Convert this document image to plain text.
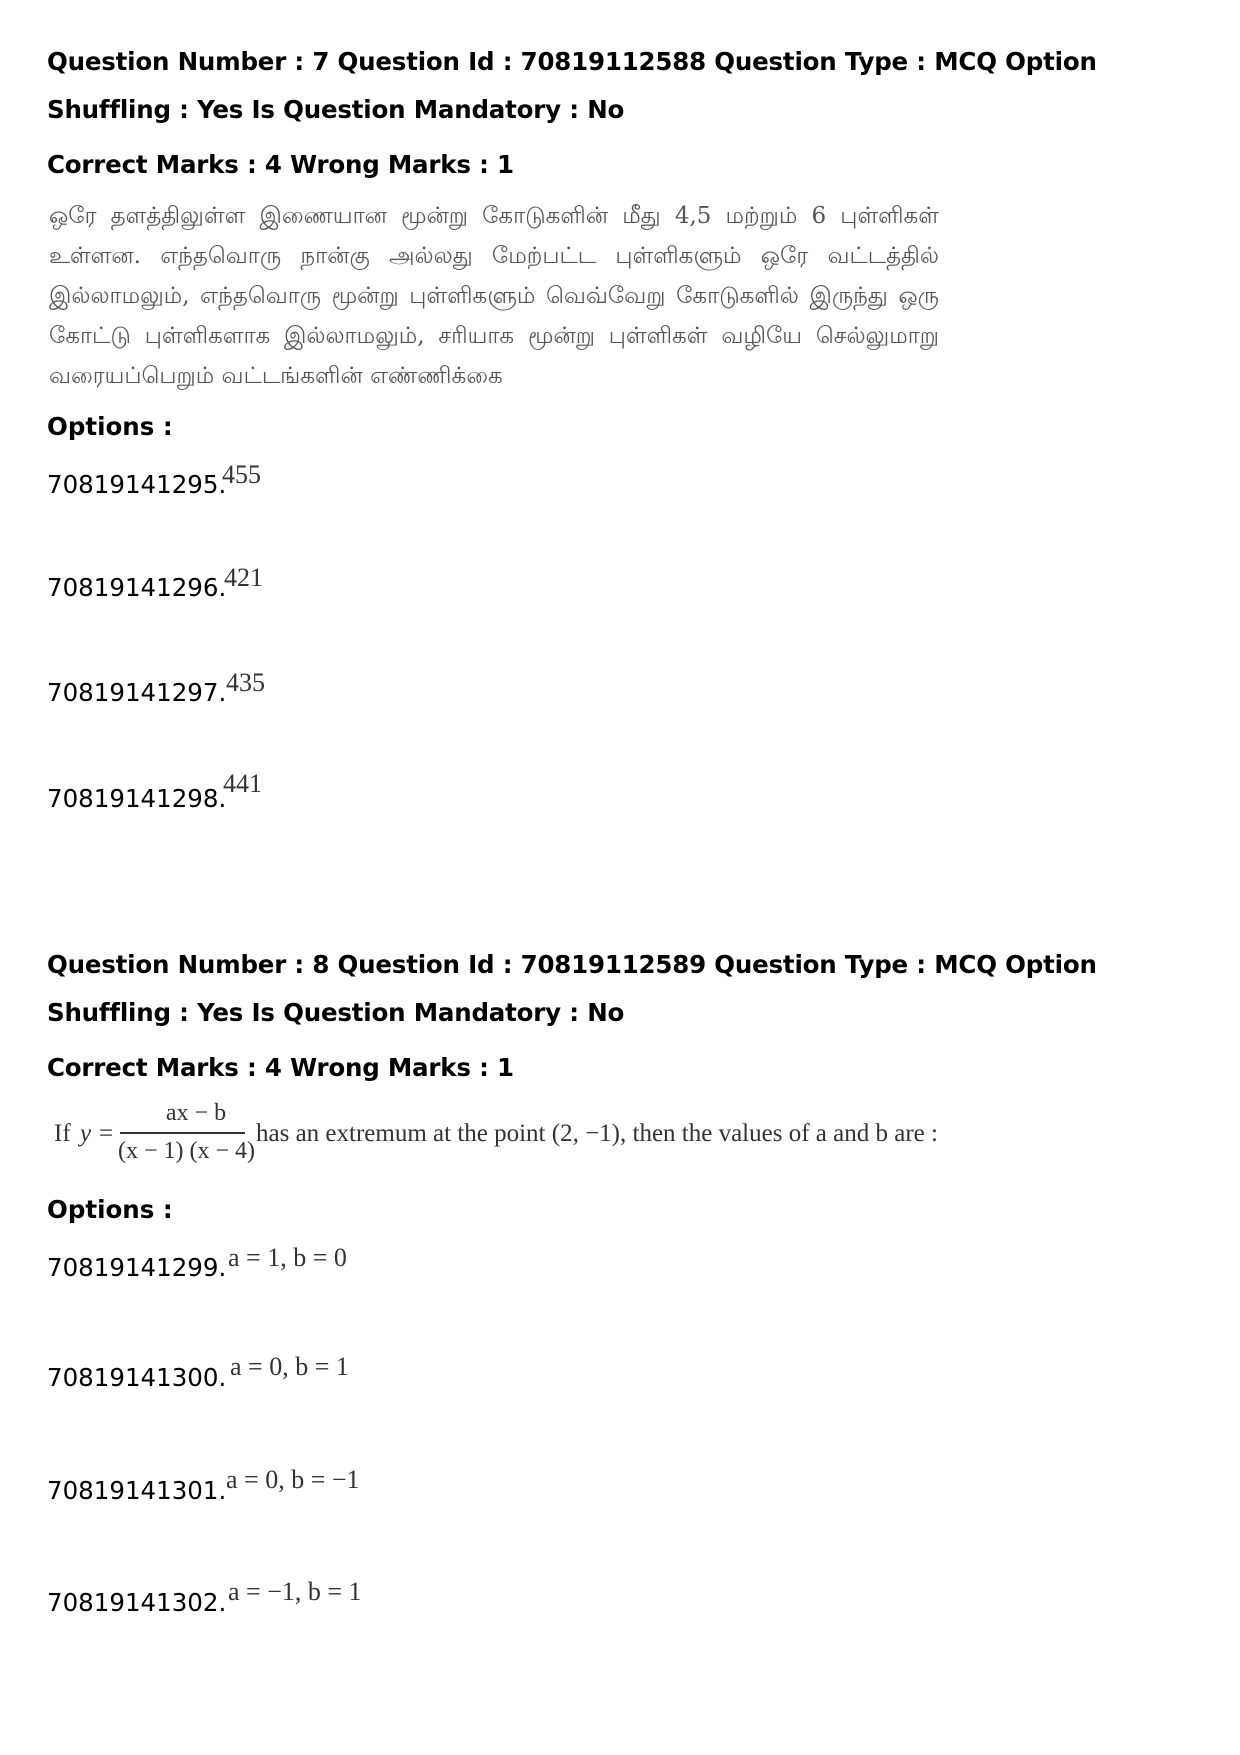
Question Number : 7 Question Id : 70819112588 Question Type : MCQ Option Shuffling : Yes Is Question Mandatory : No
Correct Marks : 4 Wrong Marks : 1
ஒரே தளத்திலுள்ள இணையான மூன்று கோடுகளின் மீது 4,5 மற்றும் 6 புள்ளிகள் உள்ளன. எந்தவொரு நான்கு அல்லது மேற்பட்ட புள்ளிகளும் ஒரே வட்டத்தில் இல்லாமலும், எந்தவொரு மூன்று புள்ளிகளும் வெவ்வேறு கோடுகளில் இருந்து ஒரு கோட்டு புள்ளிகளாக இல்லாமலும், சரியாக மூன்று புள்ளிகள் வழியே செல்லுமாறு வரையப்பெறும் வட்டங்களின் எண்ணிக்கை
Options :
70819141295.
455
70819141296.
421
70819141297. 435
70819141298.
441
Question Number : 8 Question Id : 70819112589 Question Type : MCQ Option Shuffling : Yes Is Question Mandatory : No
Correct Marks : 4 Wrong Marks : 1
If y =
ax − b
(x − 1) (x − 4)
has an extremum at the point (2, −1), then the values of a and b are :
Options :
70819141299. a = 1, b = 0
70819141300. a = 0, b = 1
70819141301. a = 0, b = −1
70819141302. a = −1, b = 1
